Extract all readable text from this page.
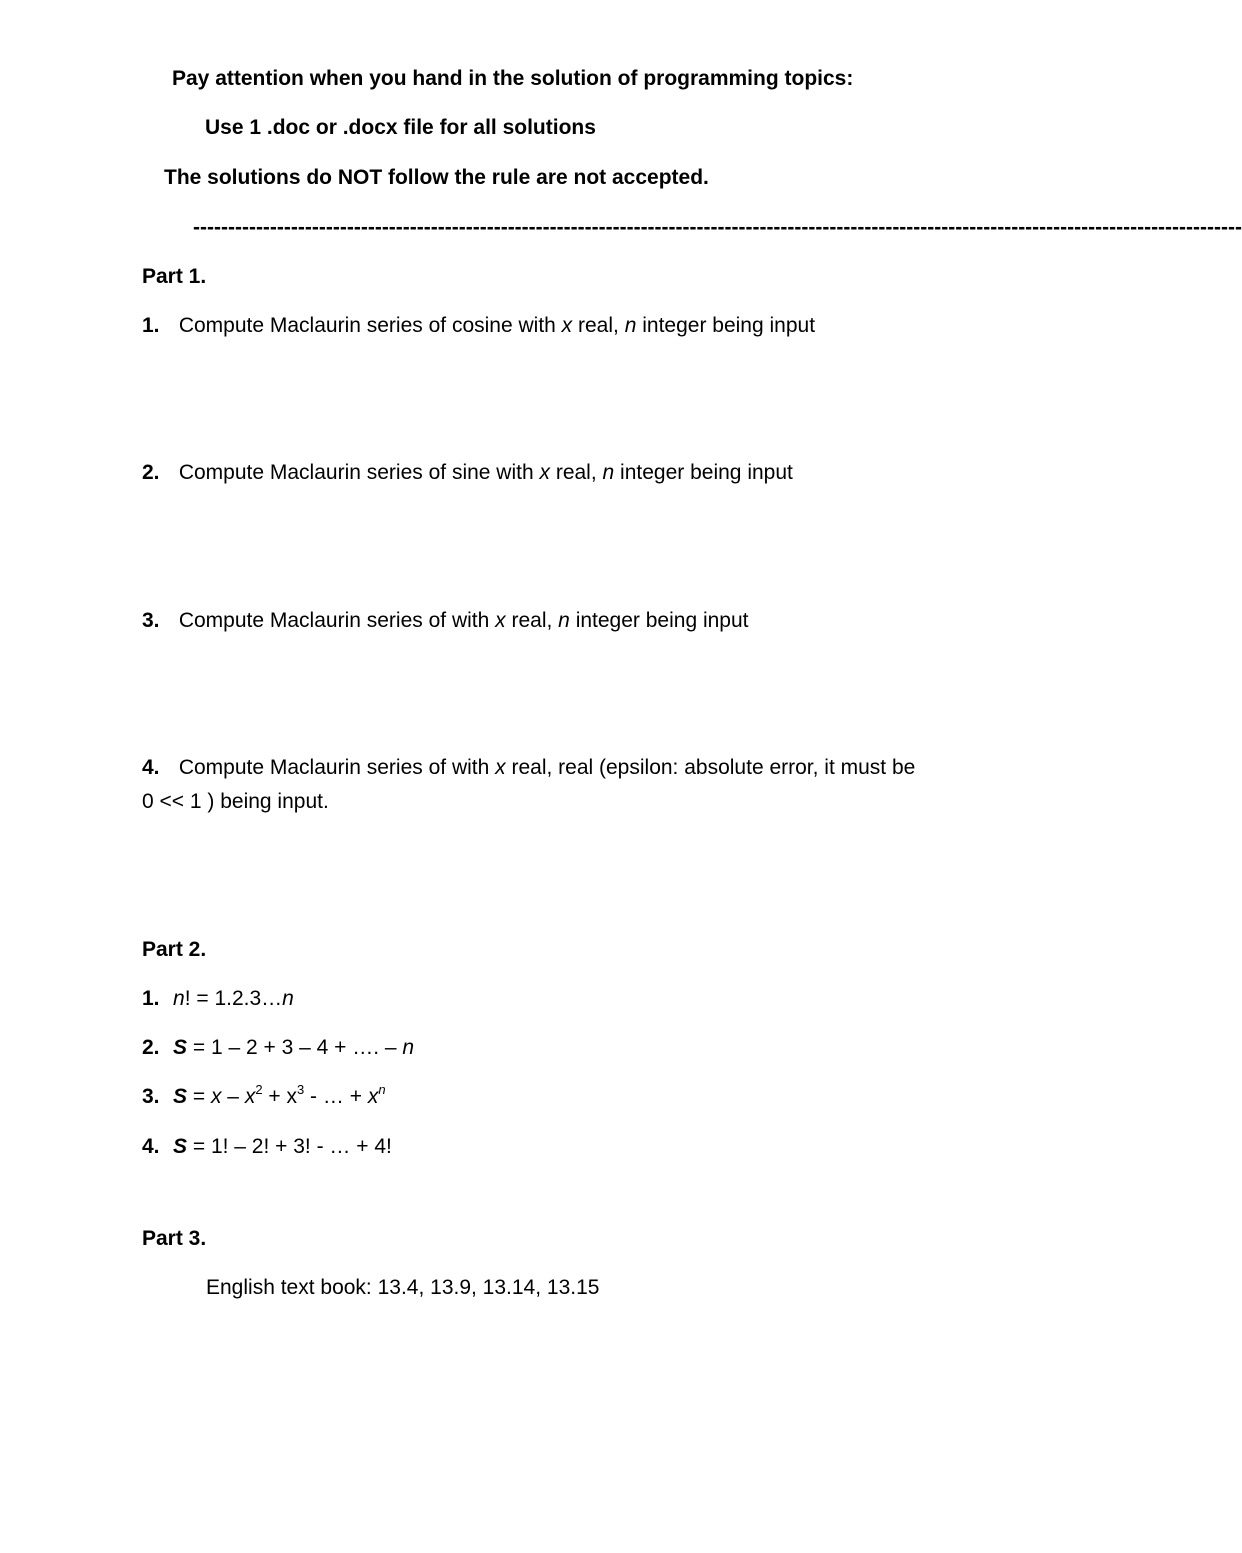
Pay attention when you hand in the solution of programming topics:
Use 1 .doc or .docx file for all solutions
The solutions do NOT follow the rule are not accepted.
------------------------------------------------------------------------------------------------------------------------------------------------------
Part 1.
1. Compute Maclaurin series of cosine with x real, n integer being input
2. Compute Maclaurin series of sine with x real, n integer being input
3. Compute Maclaurin series of with x real, n integer being input
4. Compute Maclaurin series of with x real, real (epsilon: absolute error, it must be
0 << 1 ) being input.
Part 2.
1. n! = 1.2.3…n
2. S = 1 – 2 + 3 – 4 + …. – n
3. $S = x - x^2 + x^3$ - … + $x^n$
4. S = 1! – 2! + 3! - … + 4!
Part 3.
English text book: 13.4, 13.9, 13.14, 13.15
